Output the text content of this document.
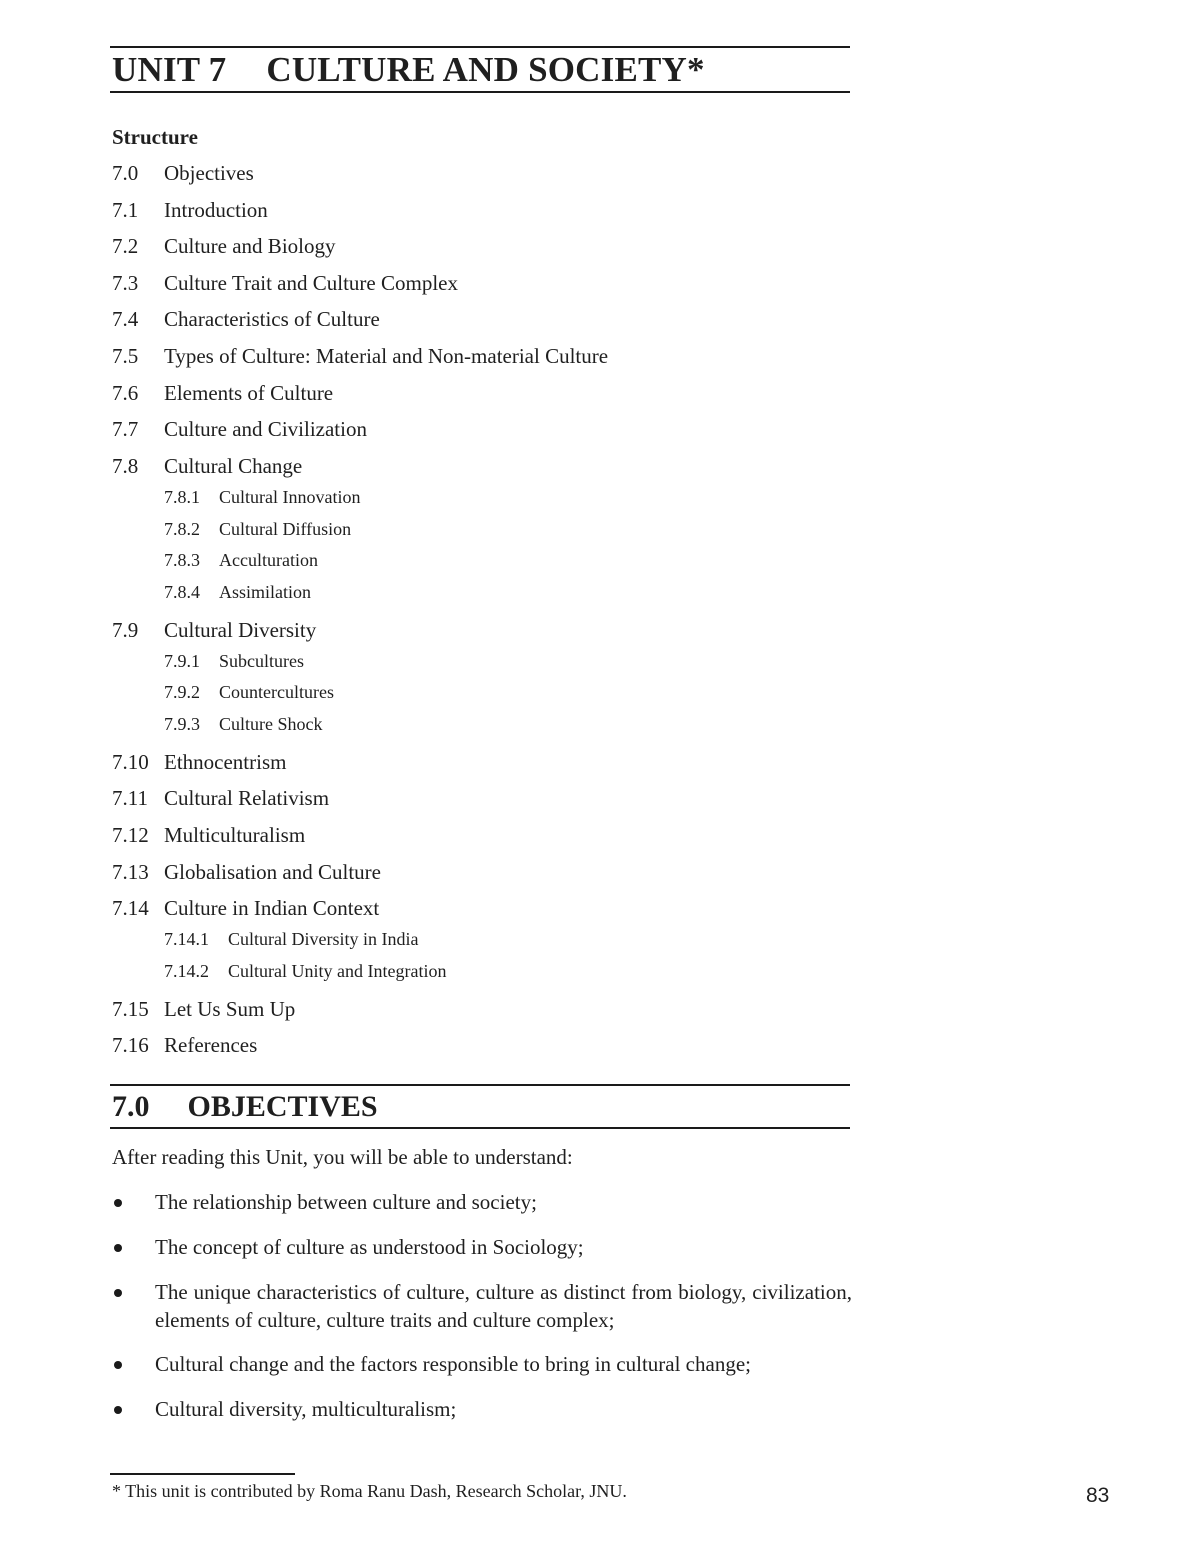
UNIT 7 CULTURE AND SOCIETY*
Structure
7.0 Objectives
7.1 Introduction
7.2 Culture and Biology
7.3 Culture Trait and Culture Complex
7.4 Characteristics of Culture
7.5 Types of Culture: Material and Non-material Culture
7.6 Elements of Culture
7.7 Culture and Civilization
7.8 Cultural Change
7.8.1 Cultural Innovation
7.8.2 Cultural Diffusion
7.8.3 Acculturation
7.8.4 Assimilation
7.9 Cultural Diversity
7.9.1 Subcultures
7.9.2 Countercultures
7.9.3 Culture Shock
7.10 Ethnocentrism
7.11 Cultural Relativism
7.12 Multiculturalism
7.13 Globalisation and Culture
7.14 Culture in Indian Context
7.14.1 Cultural Diversity in India
7.14.2 Cultural Unity and Integration
7.15 Let Us Sum Up
7.16 References
7.0 OBJECTIVES
After reading this Unit, you will be able to understand:
The relationship between culture and society;
The concept of culture as understood in Sociology;
The unique characteristics of culture, culture as distinct from biology, civilization, elements of culture, culture traits and culture complex;
Cultural change and the factors responsible to bring in cultural change;
Cultural diversity, multiculturalism;
* This unit is contributed by Roma Ranu Dash, Research Scholar, JNU.	83
